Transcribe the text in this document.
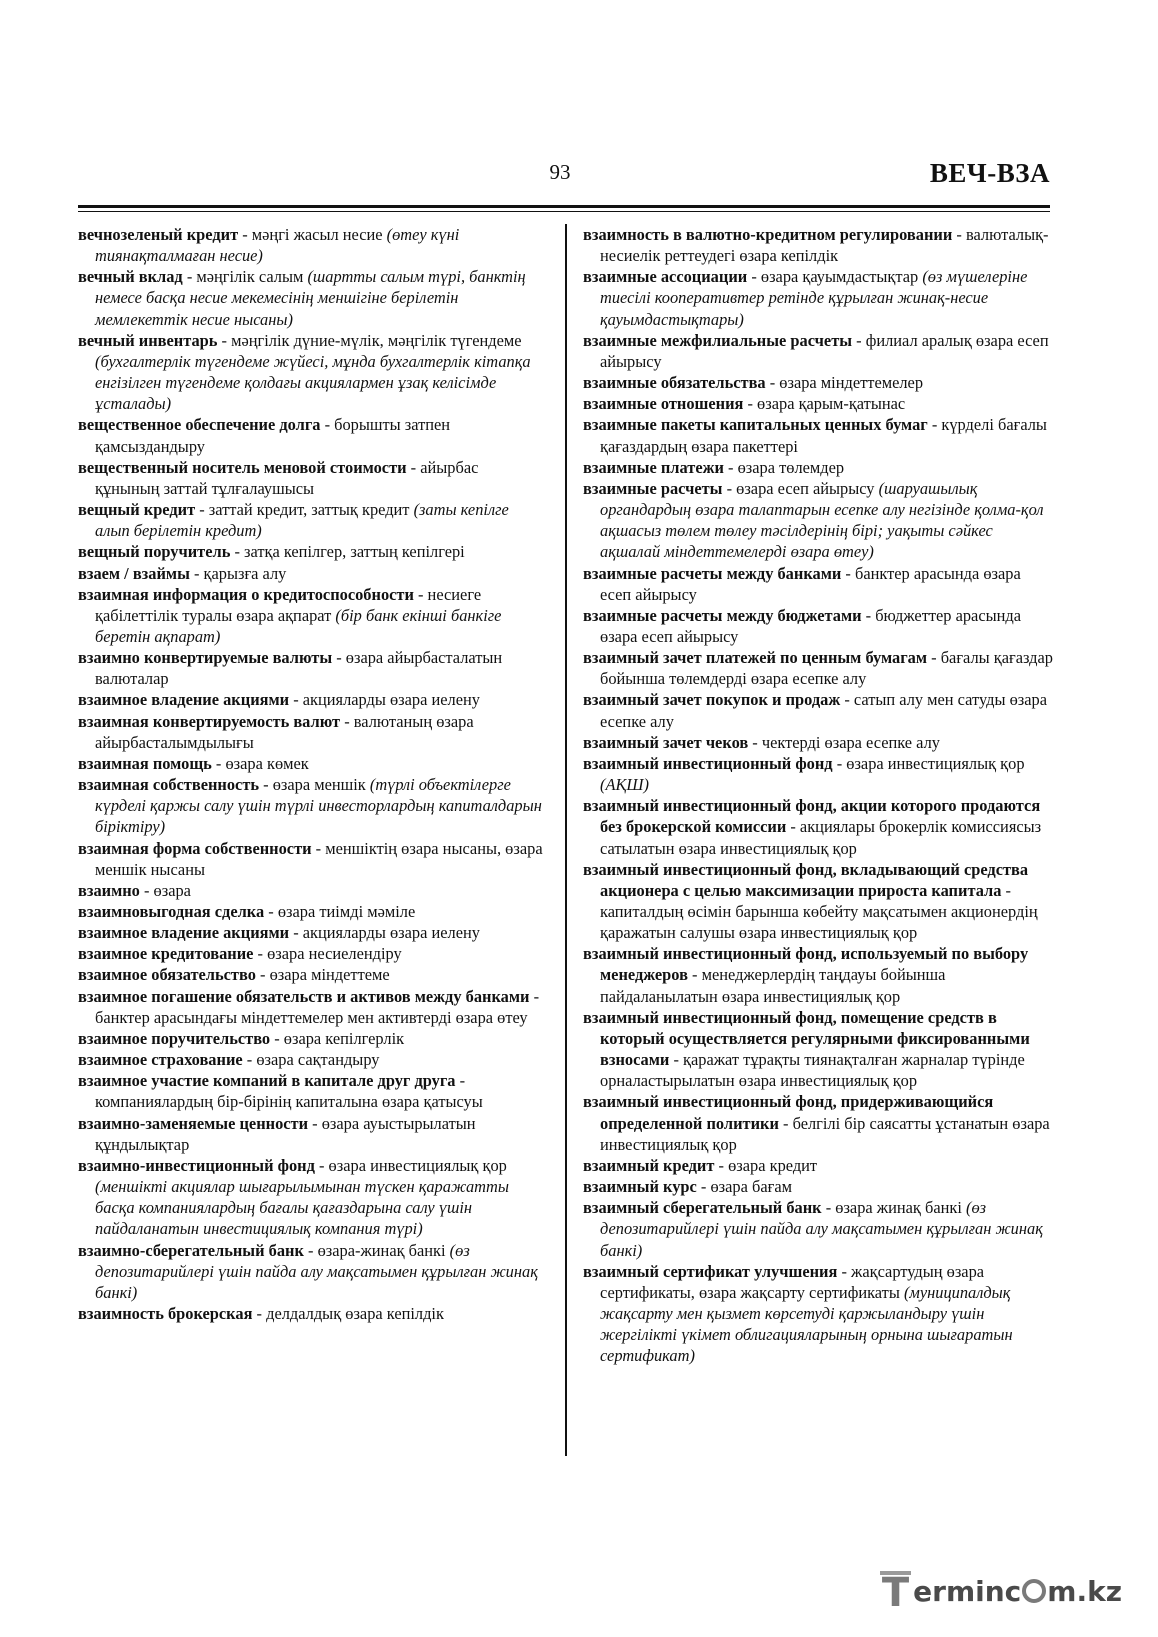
93	ВЕЧ-ВЗА

вечнозеленый кредит - мәңгі жасыл несие (өтеу күні тиянақталмаған несие)

вечный вклад - мәңгілік салым (шартты салым түрі, банктің немесе басқа несие мекемесінің меншігіне берілетін мемлекеттік несие нысаны)

вечный инвентарь - мәңгілік дүние-мүлік, мәңгілік түгендеме (бухгалтерлік түгендеме жүйесі, мұнда бухгалтерлік кітапқа енгізілген түгендеме қолдағы акциялармен ұзақ келісімде ұсталады)

вещественное обеспечение долга - борышты затпен қамсыздандыру

вещественный носитель меновой стоимости - айырбас құнының заттай тұлғалаушысы

вещный кредит - заттай кредит, заттық кредит (заты кепілге алып берілетін кредит)

вещный поручитель - затқа кепілгер, заттың кепілгері

взаем / взаймы - қарызға алу

взаимная информация о кредитоспособности - несиеге қабілеттілік туралы өзара ақпарат (бір банк екінші банкіге беретін ақпарат)

взаимно конвертируемые валюты - өзара айырбасталатын валюталар

взаимное владение акциями - акцияларды өзара иелену

взаимная конвертируемость валют - валютаның өзара айырбасталымдылығы

взаимная помощь - өзара көмек

взаимная собственность - өзара меншік (түрлі объектілерге күрделі қаржы салу үшін түрлі инвесторлардың капиталдарын біріктіру)

взаимная форма собственности - меншіктің өзара нысаны, өзара меншік нысаны

взаимно - өзара

взаимновыгодная сделка - өзара тиімді мәміле

взаимное владение акциями - акцияларды өзара иелену

взаимное кредитование - өзара несиелендіру

взаимное обязательство - өзара міндеттеме

взаимное погашение обязательств и активов между банками - банктер арасындағы міндеттемелер мен активтерді өзара өтеу

взаимное поручительство - өзара кепілгерлік

взаимное страхование - өзара сақтандыру

взаимное участие компаний в капитале друг друга - компаниялардың бір-бірінің капиталына өзара қатысуы

взаимно-заменяемые ценности - өзара ауыстырылатын құндылықтар

взаимно-инвестиционный фонд - өзара инвестициялық қор (меншікті акциялар шығарылымынан түскен қаражатты басқа компаниялардың бағалы қағаздарына салу үшін пайдаланатын инвестициялық компания түрі)

взаимно-сберегательный банк - өзара-жинақ банкі (өз депозитарийлері үшін пайда алу мақсатымен құрылған жинақ банкі)

взаимность брокерская - делдалдық өзара кепілдік

взаимность в валютно-кредитном регулировании - валюталық-несиелік реттеудегі өзара кепілдік

взаимные ассоциации - өзара қауымдастықтар (өз мүшелеріне тиесілі кооперативтер ретінде құрылған жинақ-несие қауымдастықтары)

взаимные межфилиальные расчеты - филиал аралық өзара есеп айырысу

взаимные обязательства - өзара міндеттемелер

взаимные отношения - өзара қарым-қатынас

взаимные пакеты капитальных ценных бумаг - күрделі бағалы қағаздардың өзара пакеттері

взаимные платежи - өзара төлемдер

взаимные расчеты - өзара есеп айырысу (шаруашылық органдардың өзара талаптарын есепке алу негізінде қолма-қол ақшасыз төлем төлеу тәсілдерінің бірі; уақыты сәйкес ақшалай міндеттемелерді өзара өтеу)

взаимные расчеты между банками - банктер арасында өзара есеп айырысу

взаимные расчеты между бюджетами - бюджеттер арасында өзара есеп айырысу

взаимный зачет платежей по ценным бумагам - бағалы қағаздар бойынша төлемдерді өзара есепке алу

взаимный зачет покупок и продаж - сатып алу мен сатуды өзара есепке алу

взаимный зачет чеков - чектерді өзара есепке алу

взаимный инвестиционный фонд - өзара инвестициялық қор (АҚШ)

взаимный инвестиционный фонд, акции которого продаются без брокерской комиссии - акциялары брокерлік комиссиясыз сатылатын өзара инвестициялық қор

взаимный инвестиционный фонд, вкладывающий средства акционера с целью максимизации прироста капитала - капиталдың өсімін барынша көбейту мақсатымен акционердің қаражатын салушы өзара инвестициялық қор

взаимный инвестиционный фонд, используемый по выбору менеджеров - менеджерлердің таңдауы бойынша пайдаланылатын өзара инвестициялық қор

взаимный инвестиционный фонд, помещение средств в который осуществляется регулярными фиксированными взносами - қаражат тұрақты тиянақталған жарналар түрінде орналастырылатын өзара инвестициялық қор

взаимный инвестиционный фонд, придерживающийся определенной политики - белгілі бір саясатты ұстанатын өзара инвестициялық қор

взаимный кредит - өзара кредит

взаимный курс - өзара бағам

взаимный сберегательный банк - өзара жинақ банкі (өз депозитарийлері үшін пайда алу мақсатымен құрылған жинақ банкі)

взаимный сертификат улучшения - жақсартудың өзара сертификаты, өзара жақсарту сертификаты (муниципалдық жақсарту мен қызмет көрсетуді қаржыландыру үшін жергілікті үкімет облигацияларының орнына шығаратын сертификат)

T erminc m.kz
